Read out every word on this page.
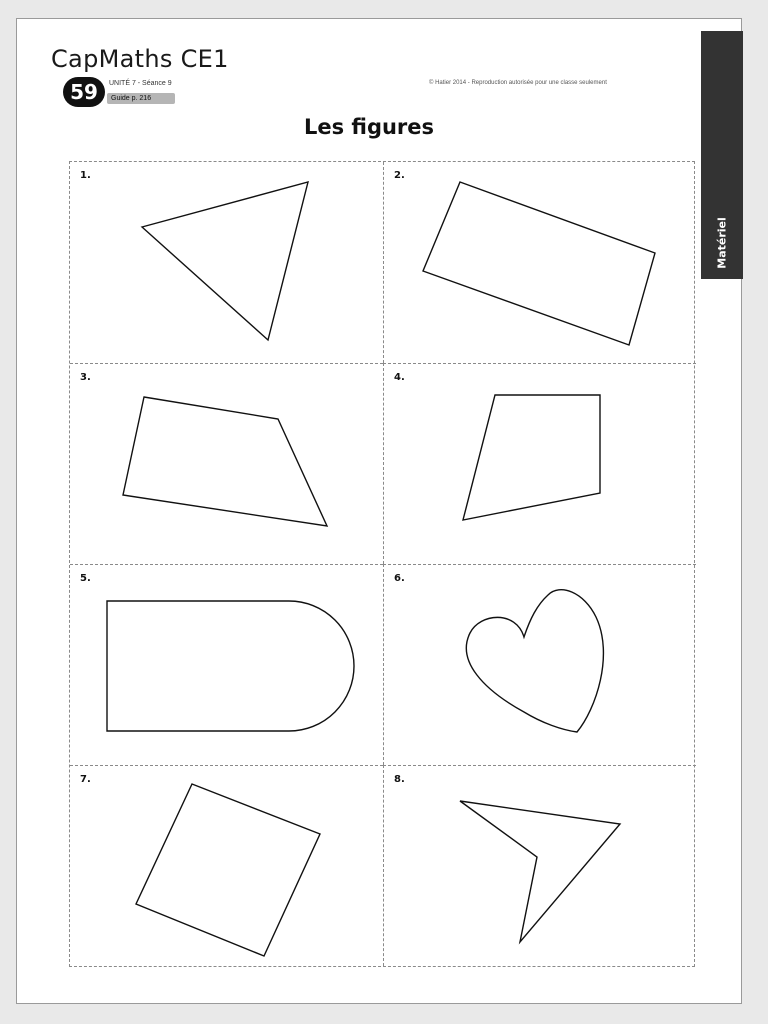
CapMaths CE1
59	UNITÉ 7 - Séance 9
Guide p. 216
© Hatier 2014 - Reproduction autorisée pour une classe seulement
Matériel
Les figures
1.	2.
3.	4.
5.	6.
7.	8.
